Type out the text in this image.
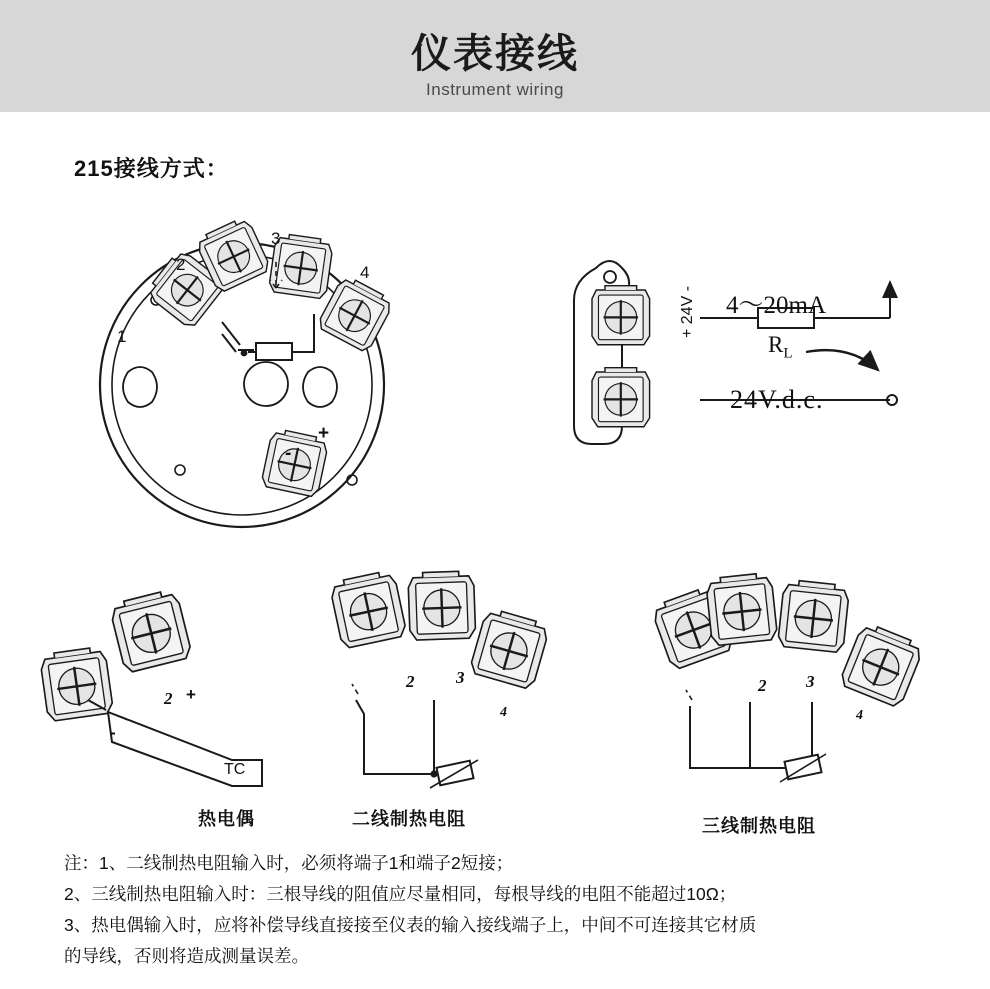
仪表接线
Instrument wiring
215接线方式：
1
2
3
4
+
-
4～20mA
$R_L$
24V.d.c.
+ 24V -
2 +
-
TC
热电偶
2 3
4
二线制热电阻
2 3
4
三线制热电阻
注：1、二线制热电阻输入时，必须将端子1和端子2短接；
2、三线制热电阻输入时：三根导线的阻值应尽量相同，每根导线的电阻不能超过10Ω；
3、热电偶输入时，应将补偿导线直接接至仪表的输入接线端子上，中间不可连接其它材质
的导线，否则将造成测量误差。
